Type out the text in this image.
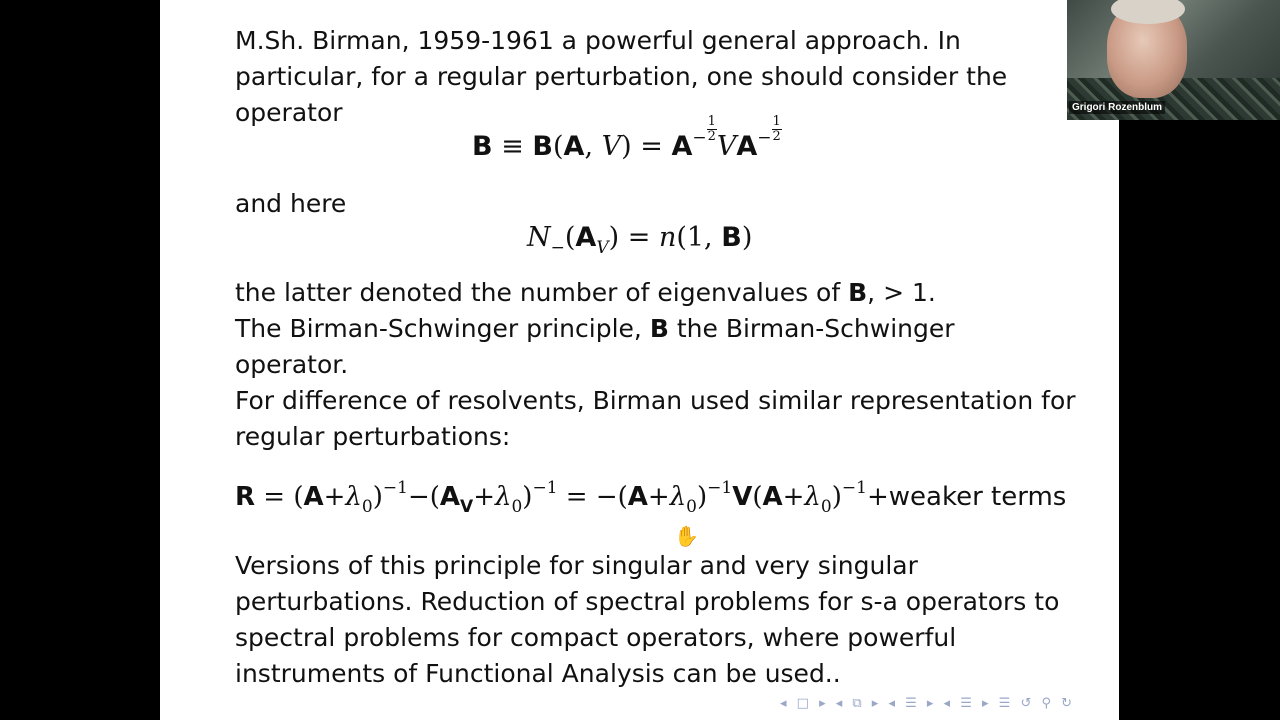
M.Sh. Birman, 1959-1961 a powerful general approach. In
particular, for a regular perturbation, one should consider the
operator
B ≡ B(A, $V) = A^- \frac{1}{2}$
$VA^- \frac{1}{2}$
and here
$N_-(A_V) = n(1$, B)
the latter denoted the number of eigenvalues of B, > 1.
The Birman-Schwinger principle, B the Birman-Schwinger
operator.
For difference of resolvents, Birman used similar representation for
regular perturbations:
$R = (A+\lambda_0)^{-1}-(A_V+\lambda_0)^{-1}$ = $-(A+\lambda_0)^{-1}V(A+\lambda_0)^{-1}+weaker$ terms
Versions of this principle for singular and very singular
perturbations. Reduction of spectral problems for s-a operators to
spectral problems for compact operators, where powerful
instruments of Functional Analysis can be used..
✋
◂ □ ▸ ◂ ⧉ ▸ ◂ ☰ ▸ ◂ ☰ ▸ ☰ ↺ ⚲ ↻
Grigori Rozenblum
